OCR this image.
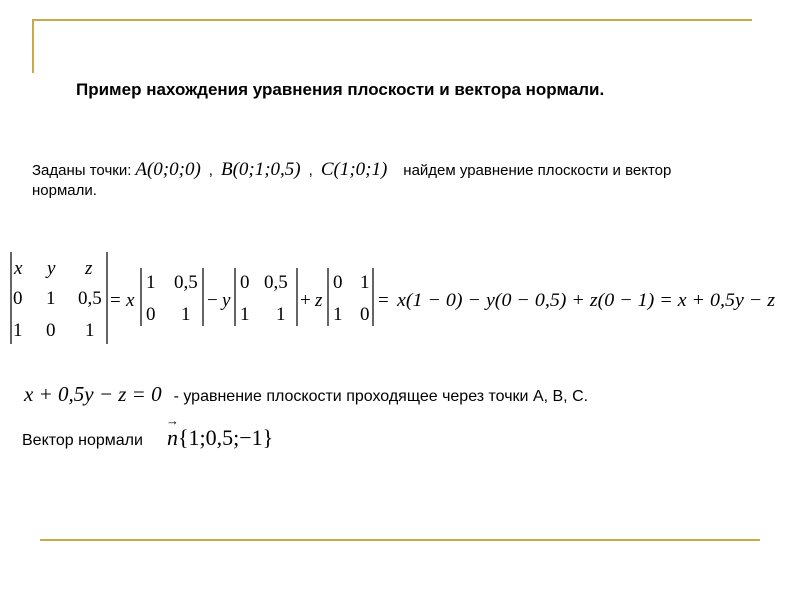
Пример нахождения уравнения плоскости и вектора нормали.
Заданы точки: A(0;0;0) , B(0;1;0,5) , C(1;0;1) найдем уравнение плоскости и вектор
нормали.
x y z
0 1 0,5
1 0 1
= x
1 0,5
0 1
− y
0 0,5
1 1
+ z
0 1
1 0
= x(1 − 0) − y(0 − 0,5) + z(0 − 1) = x + 0,5y − z
x + 0,5y − z = 0 - уравнение плоскости проходящее через точки A, B, C.
Вектор нормали
→ n{1;0,5;−1}
